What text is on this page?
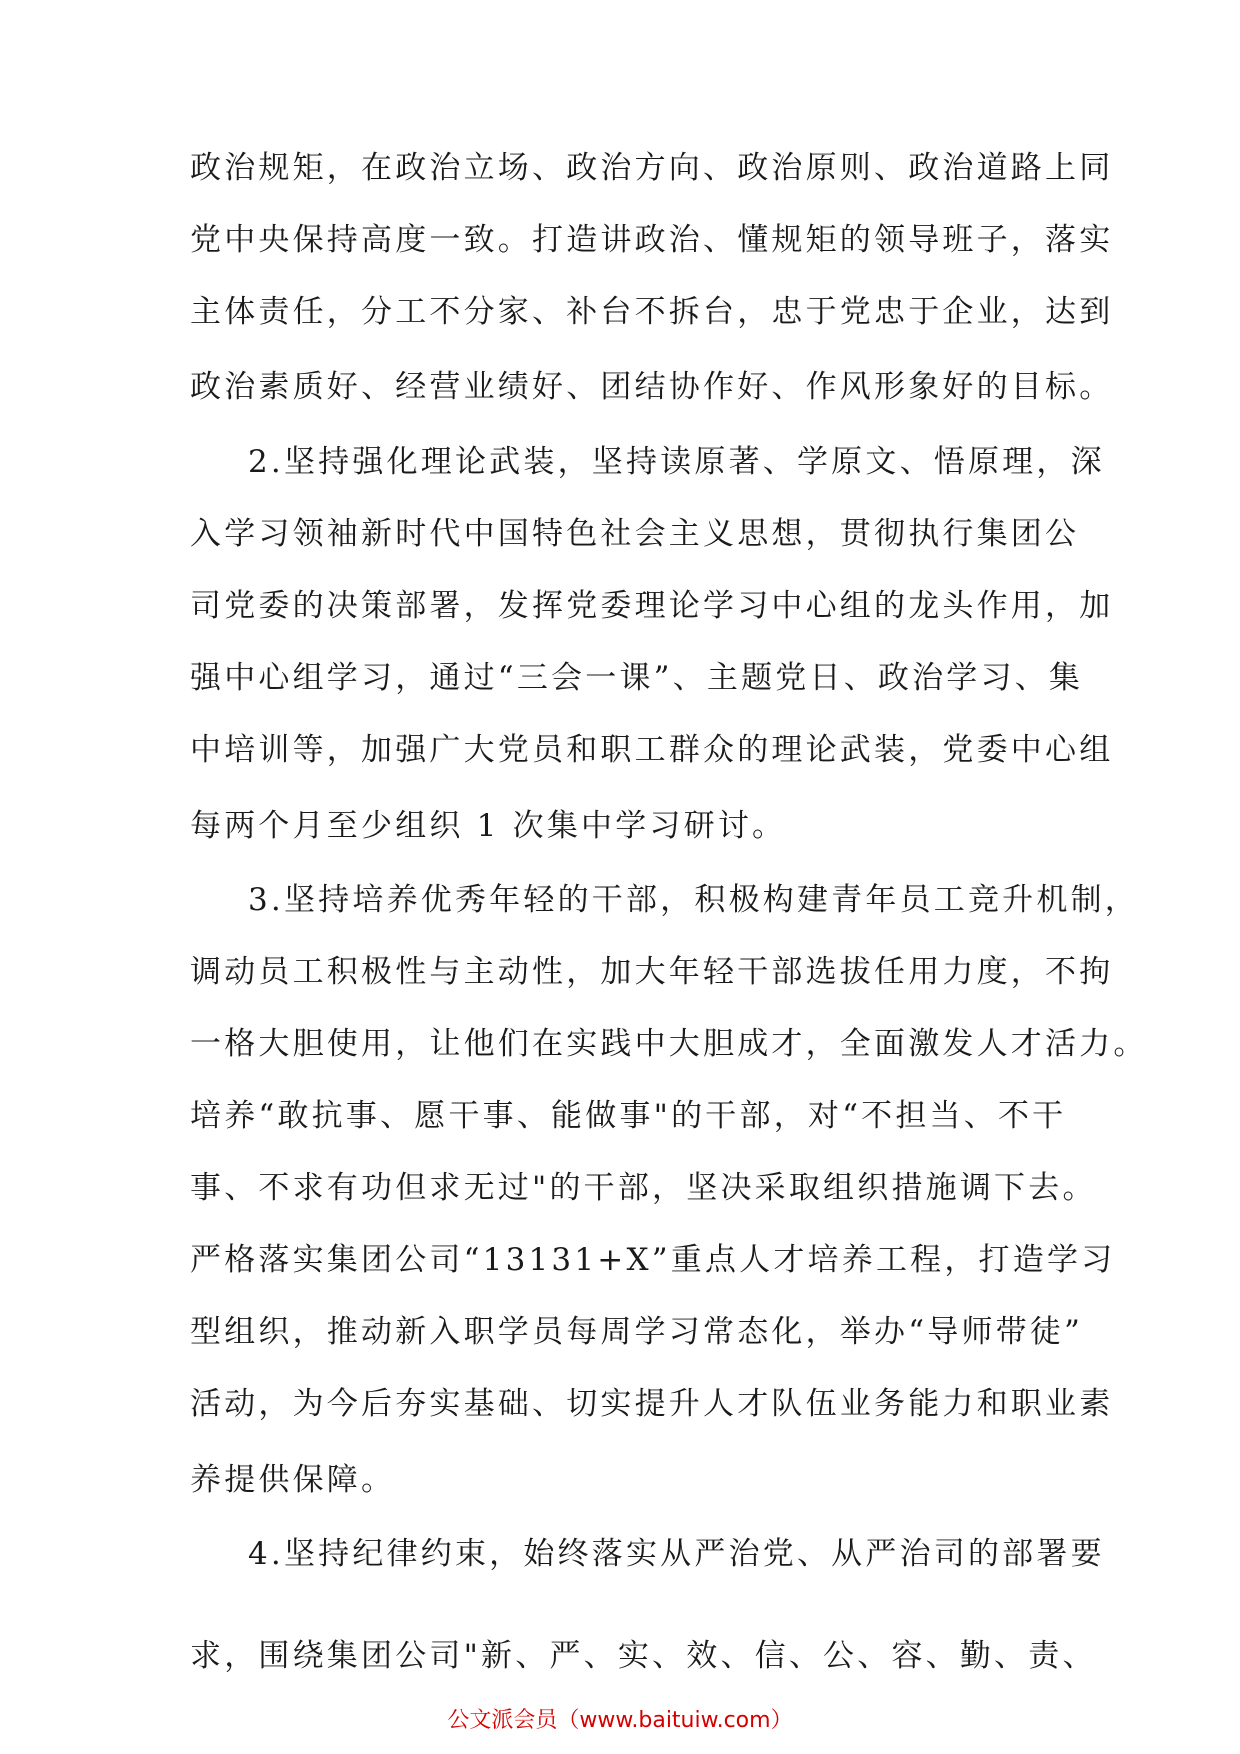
政治规矩，在政治立场、政治方向、政治原则、政治道路上同
党中央保持高度一致。打造讲政治、懂规矩的领导班子，落实
主体责任，分工不分家、补台不拆台，忠于党忠于企业，达到
政治素质好、经营业绩好、团结协作好、作风形象好的目标。
2.坚持强化理论武装，坚持读原著、学原文、悟原理，深
入学习领袖新时代中国特色社会主义思想，贯彻执行集团公
司党委的决策部署，发挥党委理论学习中心组的龙头作用，加
强中心组学习，通过“三会一课”、主题党日、政治学习、集
中培训等，加强广大党员和职工群众的理论武装，党委中心组
每两个月至少组织 1 次集中学习研讨。
3.坚持培养优秀年轻的干部，积极构建青年员工竞升机制，
调动员工积极性与主动性，加大年轻干部选拔任用力度，不拘
一格大胆使用，让他们在实践中大胆成才，全面激发人才活力。
培养“敢抗事、愿干事、能做事"的干部，对“不担当、不干
事、不求有功但求无过"的干部，坚决采取组织措施调下去。
严格落实集团公司“13131+X”重点人才培养工程，打造学习
型组织，推动新入职学员每周学习常态化，举办“导师带徒”
活动，为今后夯实基础、切实提升人才队伍业务能力和职业素
养提供保障。
4.坚持纪律约束，始终落实从严治党、从严治司的部署要
求，围绕集团公司"新、严、实、效、信、公、容、勤、责、
公文派会员（www.baituiw.com）
